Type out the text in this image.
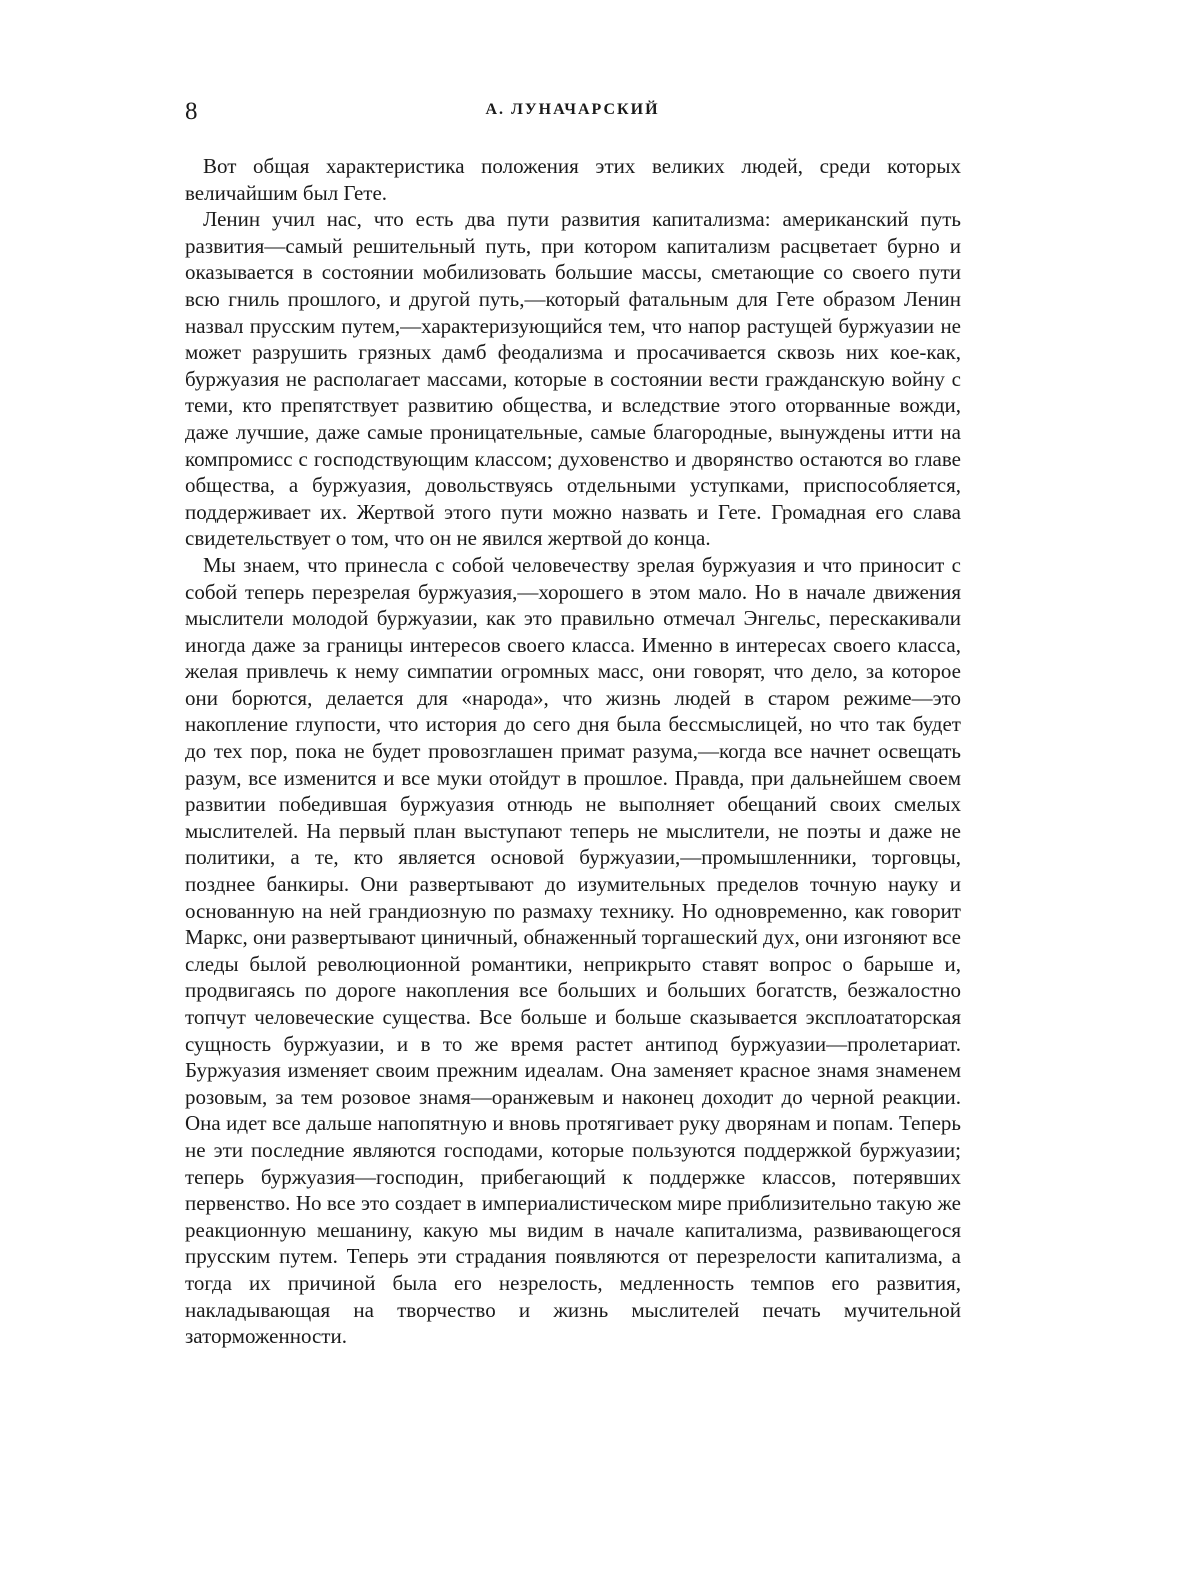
8	А. ЛУНАЧАРСКИЙ

Вот общая характеристика положения этих великих людей, среди которых величайшим был Гете.

Ленин учил нас, что есть два пути развития капитализма: американский путь развития—самый решительный путь, при котором капитализм расцветает бурно и оказывается в состоянии мобилизовать большие массы, сметающие со своего пути всю гниль прошлого, и другой путь,—который фатальным для Гете образом Ленин назвал прусским путем,—характеризующийся тем, что напор растущей буржуазии не может разрушить грязных дамб феодализма и просачивается сквозь них кое-как, буржуазия не располагает массами, которые в состоянии вести гражданскую войну с теми, кто препятствует развитию общества, и вследствие этого оторванные вожди, даже лучшие, даже самые проницательные, самые благородные, вынуждены итти на компромисс с господствующим классом; духовенство и дворянство остаются во главе общества, а буржуазия, довольствуясь отдельными уступками, приспособляется, поддерживает их. Жертвой этого пути можно назвать и Гете. Громадная его слава свидетельствует о том, что он не явился жертвой до конца.

Мы знаем, что принесла с собой человечеству зрелая буржуазия и что приносит с собой теперь перезрелая буржуазия,—хорошего в этом мало. Но в начале движения мыслители молодой буржуазии, как это правильно отмечал Энгельс, перескакивали иногда даже за границы интересов своего класса. Именно в интересах своего класса, желая привлечь к нему симпатии огромных масс, они говорят, что дело, за которое они борются, делается для «народа», что жизнь людей в старом режиме—это накопление глупости, что история до сего дня была бессмыслицей, но что так будет до тех пор, пока не будет провозглашен примат разума,—когда все начнет освещать разум, все изменится и все муки отойдут в прошлое. Правда, при дальнейшем своем развитии победившая буржуазия отнюдь не выполняет обещаний своих смелых мыслителей. На первый план выступают теперь не мыслители, не поэты и даже не политики, а те, кто является основой буржуазии,—промышленники, торговцы, позднее банкиры. Они развертывают до изумительных пределов точную науку и основанную на ней грандиозную по размаху технику. Но одновременно, как говорит Маркс, они развертывают циничный, обнаженный торгашеский дух, они изгоняют все следы былой революционной романтики, неприкрыто ставят вопрос о барыше и, продвигаясь по дороге накопления все больших и больших богатств, безжалостно топчут человеческие существа. Все больше и больше сказывается эксплоататорская сущность буржуазии, и в то же время растет антипод буржуазии—пролетариат. Буржуазия изменяет своим прежним идеалам. Она заменяет красное знамя знаменем розовым, за тем розовое знамя—оранжевым и наконец доходит до черной реакции. Она идет все дальше напопятную и вновь протягивает руку дворянам и попам. Теперь не эти последние являются господами, которые пользуются поддержкой буржуазии; теперь буржуазия—господин, прибегающий к поддержке классов, потерявших первенство. Но все это создает в империалистическом мире приблизительно такую же реакционную мешанину, какую мы видим в начале капитализма, развивающегося прусским путем. Теперь эти страдания появляются от перезрелости капитализма, а тогда их причиной была его незрелость, медленность темпов его развития, накладывающая на творчество и жизнь мыслителей печать мучительной заторможенности.
